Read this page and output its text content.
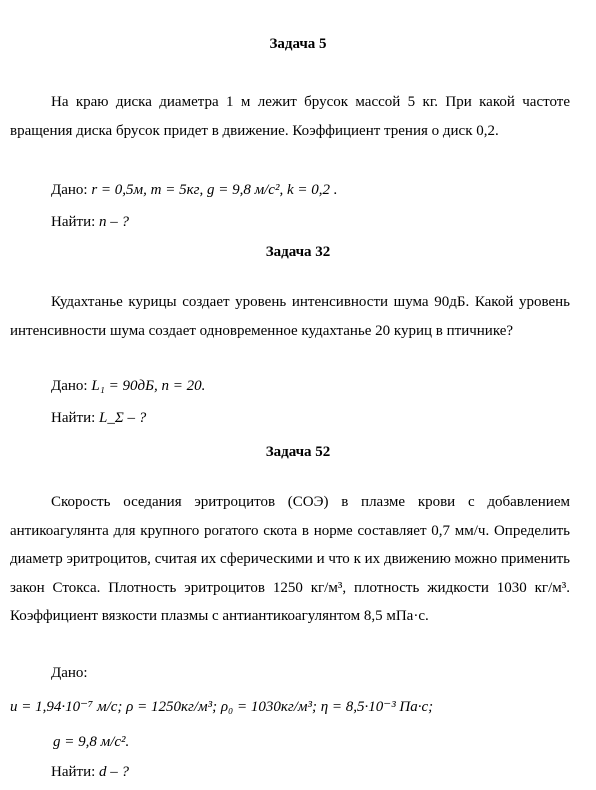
Задача 5
На краю диска диаметра 1 м лежит брусок массой 5 кг. При какой частоте вращения диска брусок придет в движение. Коэффициент трения о диск 0,2.
Дано: r = 0,5м, m = 5кг, g = 9,8 м/с², k = 0,2 .
Найти: n – ?
Задача 32
Кудахтанье курицы создает уровень интенсивности шума 90дБ. Какой уровень интенсивности шума создает одновременное кудахтанье 20 куриц в птичнике?
Дано: L₁ = 90дБ, n = 20.
Найти: L_Σ – ?
Задача 52
Скорость оседания эритроцитов (СОЭ) в плазме крови с добавлением антикоагулянта для крупного рогатого скота в норме составляет 0,7 мм/ч. Определить диаметр эритроцитов, считая их сферическими и что к их движению можно применить закон Стокса. Плотность эритроцитов 1250 кг/м³, плотность жидкости 1030 кг/м³. Коэффициент вязкости плазмы с антиантикоагулянтом 8,5 мПа·с.
Дано:
u = 1,94·10⁻⁷ м/с; ρ = 1250кг/м³; ρ₀ = 1030кг/м³; η = 8,5·10⁻³ Па·с;
g = 9,8 м/с².
Найти: d – ?
